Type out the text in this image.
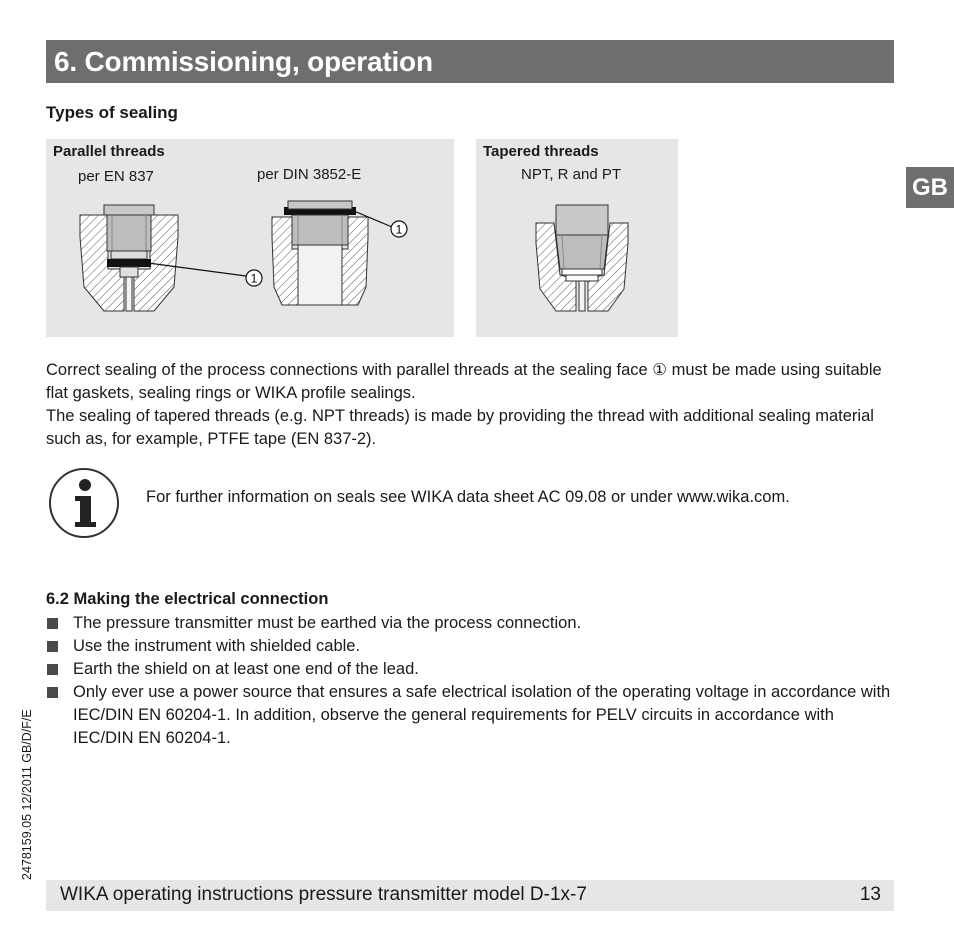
6. Commissioning, operation
GB
Types of sealing
Parallel threads
per EN 837	per DIN 3852-E
1
1
Tapered threads
NPT, R and PT

Correct sealing of the process connections with parallel threads at the sealing face ① must be made using suitable flat gaskets, sealing rings or WIKA profile sealings.

The sealing of tapered threads (e.g. NPT threads) is made by providing the thread with additional sealing material such as, for example, PTFE tape (EN 837-2).

For further information on seals see WIKA data sheet AC 09.08 or under www.wika.com.
6.2 Making the electrical connection
The pressure transmitter must be earthed via the process connection.
Use the instrument with shielded cable.
Earth the shield on at least one end of the lead.
Only ever use a power source that ensures a safe electrical isolation of the operating voltage in accordance with IEC/DIN EN 60204-1. In addition, observe the general requirements for PELV circuits in accordance with IEC/DIN EN 60204-1.
2478159.05 12/2011 GB/D/F/E
WIKA operating instructions pressure transmitter model D-1x-7	13
